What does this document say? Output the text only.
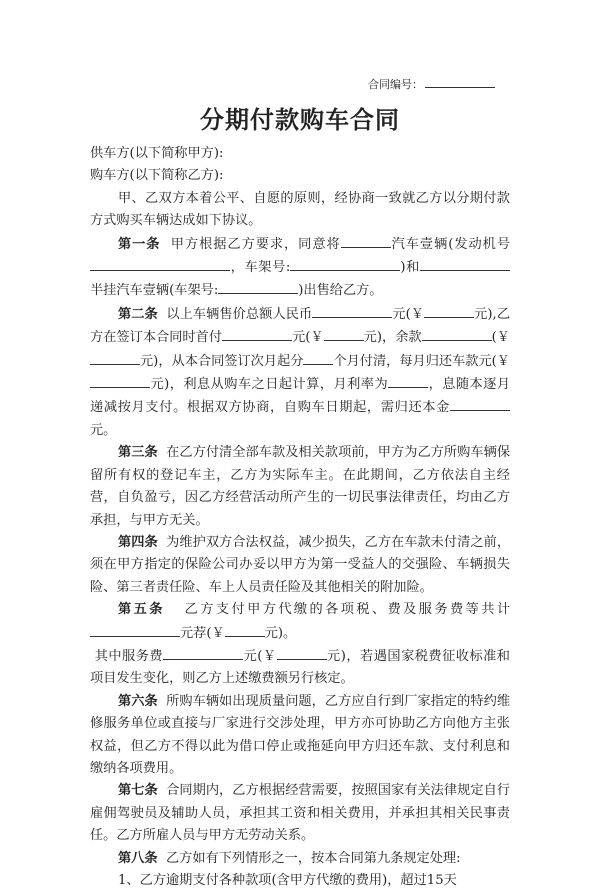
合同编号：
分期付款购车合同

供车方(以下简称甲方):

购车方(以下简称乙方):

甲、乙双方本着公平、自愿的原则，经协商一致就乙方以分期付款方式购买车辆达成如下协议。

第一条 甲方根据乙方要求，同意将	汽车壹辆(发动机号，车架号:	)和半挂汽车壹辆(车架号:	)出售给乙方。

第二条 以上车辆售价总额人民币	元(￥	元),乙方在签订本合同时首付	元(￥	元)，余款	(￥元)，从本合同签订次月起分 个月付清，每月归还车款元(￥元)，利息从购车之日起计算，月利率为	，息随本逐月递减按月支付。根据双方协商，自购车日期起，需归还本金元。

第三条 在乙方付清全部车款及相关款项前，甲方为乙方所购车辆保留所有权的登记车主，乙方为实际车主。在此期间，乙方依法自主经营，自负盈亏，因乙方经营活动所产生的一切民事法律责任，均由乙方承担，与甲方无关。

第四条 为维护双方合法权益，减少损失，乙方在车款未付清之前，须在甲方指定的保险公司办妥以甲方为第一受益人的交强险、车辆损失险、第三者责任险、车上人员责任险及其他相关的附加险。

第五条 乙方支付甲方代缴的各项税、费及服务费等共计元荐(￥	元)。

其中服务费	元(￥	元)，若遇国家税费征收标准和项目发生变化，则乙方上述缴费额另行核定。

第六条 所购车辆如出现质量问题，乙方应自行到厂家指定的特约维修服务单位或直接与厂家进行交涉处理，甲方亦可协助乙方向他方主张权益，但乙方不得以此为借口停止或拖延向甲方归还车款、支付利息和缴纳各项费用。

第七条 合同期内，乙方根据经营需要，按照国家有关法律规定自行雇佣驾驶员及辅助人员，承担其工资和相关费用，并承担其相关民事责任。乙方所雇人员与甲方无劳动关系。

第八条 乙方如有下列情形之一，按本合同第九条规定处理:

1、乙方逾期支付各种款项(含甲方代缴的费用)，超过15天
